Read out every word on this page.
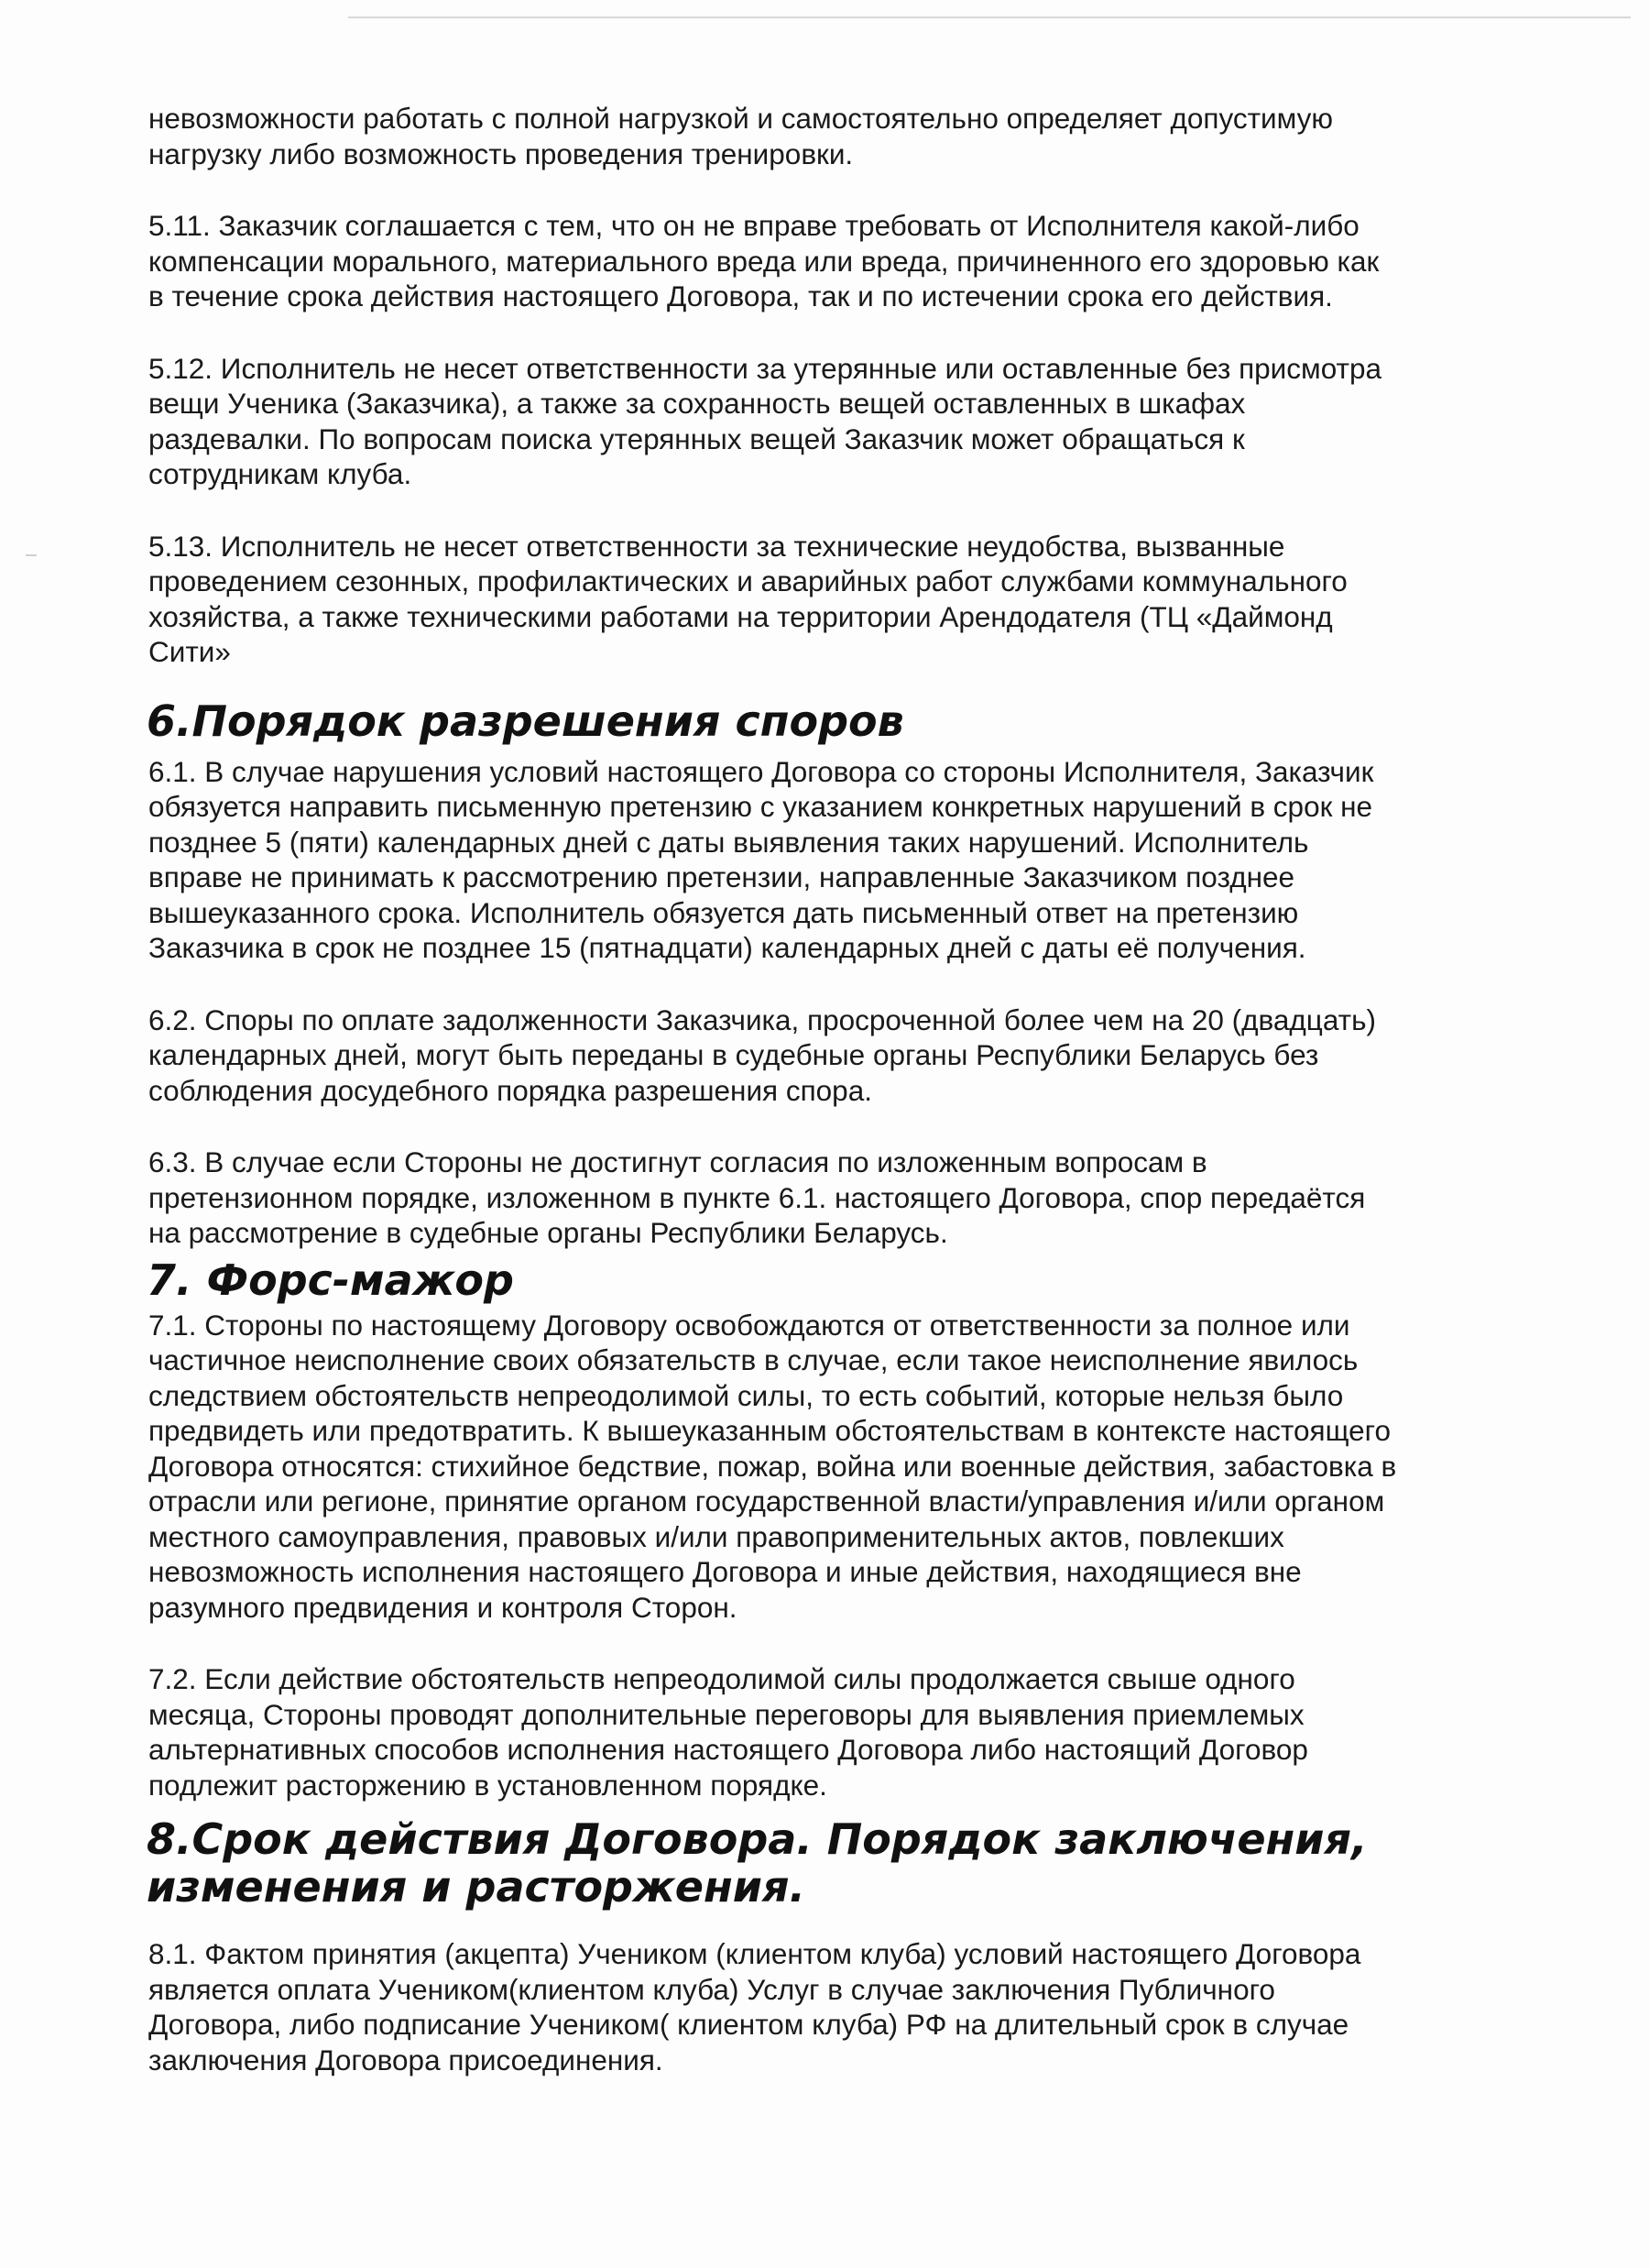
невозможности работать с полной нагрузкой и самостоятельно определяет допустимую
нагрузку либо возможность проведения тренировки.

5.11. Заказчик соглашается с тем, что он не вправе требовать от Исполнителя какой-либо
компенсации морального, материального вреда или вреда, причиненного его здоровью как
в течение срока действия настоящего Договора, так и по истечении срока его действия.

5.12. Исполнитель не несет ответственности за утерянные или оставленные без присмотра
вещи Ученика (Заказчика), а также за сохранность вещей оставленных в шкафах
раздевалки. По вопросам поиска утерянных вещей Заказчик может обращаться к
сотрудникам клуба.

5.13. Исполнитель не несет ответственности за технические неудобства, вызванные
проведением сезонных, профилактических и аварийных работ службами коммунального
хозяйства, а также техническими работами на территории Арендодателя (ТЦ «Даймонд
Сити»

6.Порядок разрешения споров

6.1. В случае нарушения условий настоящего Договора со стороны Исполнителя, Заказчик
обязуется направить письменную претензию с указанием конкретных нарушений в срок не
позднее 5 (пяти) календарных дней с даты выявления таких нарушений. Исполнитель
вправе не принимать к рассмотрению претензии, направленные Заказчиком позднее
вышеуказанного срока. Исполнитель обязуется дать письменный ответ на претензию
Заказчика в срок не позднее 15 (пятнадцати) календарных дней с даты её получения.

6.2. Споры по оплате задолженности Заказчика, просроченной более чем на 20 (двадцать)
календарных дней, могут быть переданы в судебные органы Республики Беларусь без
соблюдения досудебного порядка разрешения спора.

6.3. В случае если Стороны не достигнут согласия по изложенным вопросам в
претензионном порядке, изложенном в пункте 6.1. настоящего Договора, спор передаётся
на рассмотрение в судебные органы Республики Беларусь.

7. Форс-мажор

7.1. Стороны по настоящему Договору освобождаются от ответственности за полное или
частичное неисполнение своих обязательств в случае, если такое неисполнение явилось
следствием обстоятельств непреодолимой силы, то есть событий, которые нельзя было
предвидеть или предотвратить. К вышеуказанным обстоятельствам в контексте настоящего
Договора относятся: стихийное бедствие, пожар, война или военные действия, забастовка в
отрасли или регионе, принятие органом государственной власти/управления и/или органом
местного самоуправления, правовых и/или правоприменительных актов, повлекших
невозможность исполнения настоящего Договора и иные действия, находящиеся вне
разумного предвидения и контроля Сторон.

7.2. Если действие обстоятельств непреодолимой силы продолжается свыше одного
месяца, Стороны проводят дополнительные переговоры для выявления приемлемых
альтернативных способов исполнения настоящего Договора либо настоящий Договор
подлежит расторжению в установленном порядке.

8.Срок действия Договора. Порядок заключения,
изменения и расторжения.

8.1. Фактом принятия (акцепта) Учеником (клиентом клуба) условий настоящего Договора
является оплата Учеником(клиентом клуба) Услуг в случае заключения Публичного
Договора, либо подписание Учеником( клиентом клуба) РФ на длительный срок в случае
заключения Договора присоединения.
